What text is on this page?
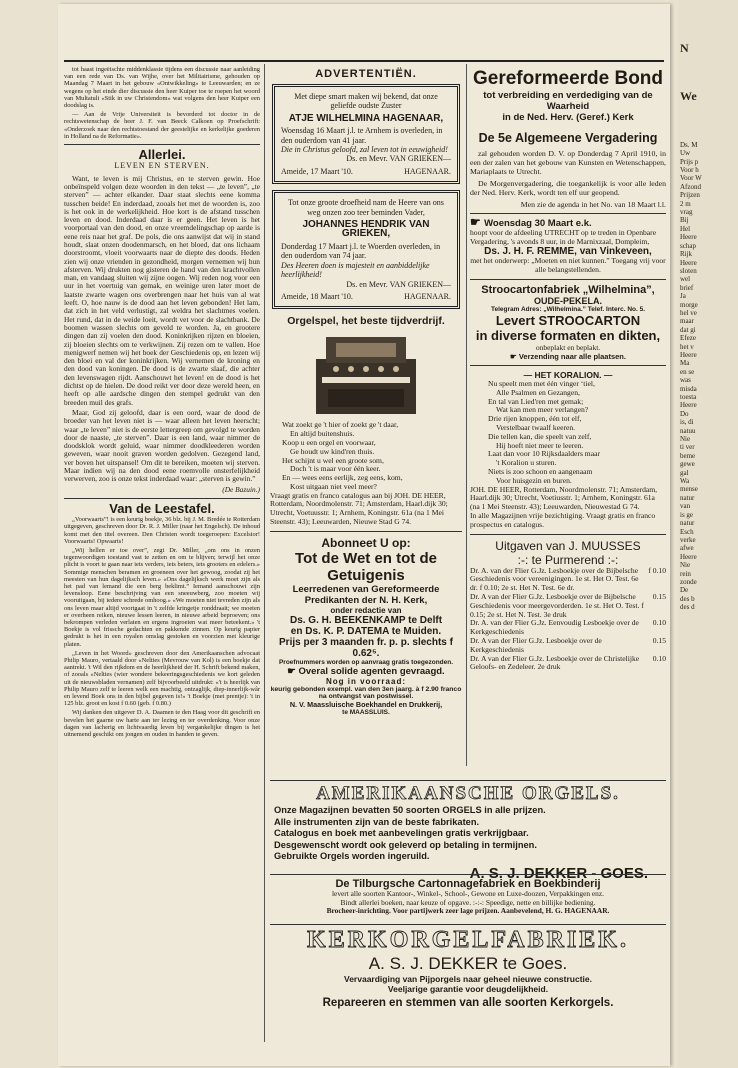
tot haast ingeëischte middenklassie tijdens een discussie naar aanleiding van een rede van Ds. van Wijhe, over het Militairisme, gehouden op Maandag 7 Maart in het gebouw «Ontwikkeling» te Leeuwarden; en ze wegens op het einde dier discussie den heer Kuiper toe te roepen het woord van Multatuli «Stik in uw Christendom» wat volgens den heer Kuiper een doodslag is.

— Aan de Vrije Universiteit is bevorderd tot doctor in de rechtswetenschap de heer J. F. van Beeck Calkoen op Proefschrift: «Onderzoek naar den rechtstoestand der geestelijke en kerkelijke goederen in Holland na de Reformatie».

Allerlei.
LEVEN EN STERVEN.

Want, te leven is mij Christus, en te sterven gewin. Hoe onbeïnspeld volgen deze woorden in den tekst — „te leven”, „te sterven” — achter elkander. Daar staat slechts eene komma tusschen beide! En inderdaad, zooals het met de woorden is, zoo is het ook in de werkelijkheid. Hoe kort is de afstand tusschen leven en dood. Inderdaad daar is er geen. Het leven is het voorportaal van den dood, en onze vreemdelingschap op aarde is eene reis naar het graf. De pols, die ons aanwijst dat wij in stand houdt, slaat onzen doodenmarsch, en het bloed, dat ons lichaam doorstroomt, vloeit voorwaarts naar de diepte des doods. Heden zien wij onze vrienden in gezondheid, morgen vernemen wij hun afsterven. Wij drukten nog gisteren de hand van den krachtvollen man, en vandaag sluiten wij zijne oogen. Wij reden nog voor een uur in het voertuig van gemak, en weinige uren later moet de laatste zwarte wagen ons overbrengen naar het huis van al wat leeft. O, hoe nauw is de dood aan het leven gebonden! Het lam, dat zich in het veld verlustigt, zal weldra het slachtmes voelen. Het rund, dat in de weide loeit, wordt vet voor de slachtbank. De boomen wassen slechts om geveld te worden. Ja, en grootere dingen dan zij voelen den dood. Koninkrijken rijzen en bloeien, zij bloeien slechts om te verkwijnen. Zij rezen om te vallen. Hoe menigwerf nemen wij het boek der Geschiedenis op, en lezen wij den bloei en val der koninkrijken. Wij vernemen de kroning en den dood van koningen. De dood is de zwarte slaaf, die achter den levenswagen rijdt. Aanschouwt het leven! en de dood is het dichtst op de hielen. De dood reikt ver door deze wereld heen, en heeft op alle aardsche dingen den stempel gedrukt van den breeden muil des grafs.

Maar, God zij geloofd, daar is een oord, waar de dood de broeder van het leven niet is — waar alleen het leven heerscht; waar „te leven” niet is de eerste lettergreep om gevolgd te worden door de naaste, „te sterven”. Daar is een land, waar nimmer de doodsklok wordt geluid, waar nimmer doodkleederen worden geweven, waar nooit graven worden gedolven. Gezegend land, ver boven het uitspansel! Om dit te bereiken, moeten wij sterven. Maar indien wij na den dood eene roemvolle onsterfelijkheid verwerven, zoo is onze tekst inderdaad waar: „sterven is gewin.”

(De Bazuin.)
Van de Leestafel.

„Voorwaarts”! is een keurig boekje, 36 blz. bij J. M. Bredée te Rotterdam uitgegeven, geschreven door Dr. R. J. Miller (naar het Engelsch). De inhoud komt met den titel overeen. Den Christen wordt toegeroepen: Excelsior! Voorwaarts! Opwaarts!

„Wij hellen er toe over”, zegt Dr. Miller, „om ons in onzen tegenwoordigen toestand vast te zetten en om te blijven; terwijl het onze plicht is voort te gaan naar iets verders, iets beters, iets grooters en edelers.» Sommige menschen beramen en groeneen over het gewoog, zoodat zij het meesten van hun dagelijksch leven.» «Ons dagelijksch werk moet zijn als het pad van lemand die een berg beklimt.” Iemand aanschouwt zijn levensloop. Eene beschrijving van een sneeuwberg, zoo moeten wij vooruitgaan, bij iedere schrede omhoog.» «We moeten niet tevreden zijn als ons leven maar altijd voortgaat in 't zelfde kringetje ronddraait; we moeten er overheen reiken, nieuwe lessen leeren, in nieuwe arbeid beproeven; ons bekrompen verleden verlaten en ergens ingroeien wat meer beteekent.» 't Boekje is vol frissche gedachten en pakkende zinnen. Op keurig papier gedrukt is het in een royalen omslag gestoken en voorzien met kleurige platen.

„Leven in het Woord» geschreven door den Amerikaanschen advocaat Philip Mauro, vertaald door «Nelties (Mevrouw van Kol) is een boekje dat aantrekt. 't Wil den rijkdom en de heerlijkheid der H. Schrift bekend maken, of zooals «Nelties (wier wondere bekeeringsgeschiedenis we kort geleden uit de nieuwsbladen vernamen) zelf bijvoorbeeld uitdrukt: «'t is heerlijk van Philip Mauro zelf te leeren welk een machtig, ontzaglijk, diep-innerlijk-wâr en levend Boek ons in den bijbel gegeven is!» 't Boekje (met prentje): 't in 125 blz. groot en kost f 0.60 (geb. f 0.80.)

Wij danken den uitgever D. A. Daamen te den Haag voor dit geschrift en bevelen het gaarne uw harte aan ter lezing en ter overdenking. Voor onze dagen van lacherig en lichtvaardig leven bij vergankelijke dingen is het uitnemend geschikt om jongen en ouden in handen te geven.

ADVERTENTIËN.
Met diepe smart maken wij bekend, dat onze geliefde oudste Zuster
ATJE WILHELMINA HAGENAAR,
Woensdag 16 Maart j.l. te Arnhem is overleden, in den ouderdom van 41 jaar.
Die in Christus geloofd, zal leven tot in eeuwigheid!
Ds. en Mevr. VAN GRIEKEN—
Ameide, 17 Maart '10.	HAGENAAR.
Tot onze groote droefheid nam de Heere van ons weg onzen zoo teer beminden Vader,
JOHANNES HENDRIK VAN GRIEKEN,
Donderdag 17 Maart j.l. te Woerden overleden, in den ouderdom van 74 jaar.
Des Heeren doen is majesteit en aanbiddelijke heerlijkheid!
Ds. en Mevr. VAN GRIEKEN—
Ameide, 18 Maart '10.	HAGENAAR.
Orgelspel, het beste tijdverdrijf.
Wat zoekt ge 't hier of zoekt ge 't daar,
En altijd buitenshuis.
Koop u een orgel en voorwaar,
Ge houdt uw kind'ren thuis.
Het schijnt u wel een groote som,
Doch 't is maar voor één keer.
En — wees eens eerlijk, zeg eens, kom,
Kost uitgaan niet veel meer?
Vraagt gratis en franco catalogus aan bij JOH. DE HEER, Rotterdam, Noordmolenstr. 71; Amsterdam, Haarl.dijk 30; Utrecht, Voetuusstr. 1; Arnhem, Koningstr. 61a (na 1 Mei Steenstr. 43); Leeuwarden, Nieuwe Stad G 74.
Abonneet U op:
Tot de Wet en tot de Getuigenis
Leerredenen van Gereformeerde Predikanten der N. H. Kerk,
onder redactie van
Ds. G. H. BEEKENKAMP te Delft
en Ds. K. P. DATEMA te Muiden.
Prijs per 3 maanden fr. p. p. slechts f 0.62⁵.
Proefnummers worden op aanvraag gratis toegezonden.
☛ Overal solide agenten gevraagd.
Nog in voorraad:
keurig gebonden exempl. van den 3en jaarg. à f 2.90 franco na ontvangst van postwissel.
N. V. Maassluische Boekhandel en Drukkerij,
te MAASSLUIS.
Gereformeerde Bond
tot verbreiding en verdediging van de Waarheid
in de Ned. Herv. (Geref.) Kerk
De 5e Algemeene Vergadering

zal gehouden worden D. V. op Donderdag 7 April 1910, in een der zalen van het gebouw van Kunsten en Wetenschappen, Mariaplaats te Utrecht.

De Morgenvergadering, die toegankelijk is voor alle leden der Ned. Herv. Kerk, wordt ten elf uur geopend.

Men zie de agenda in het No. van 18 Maart l.l.

☛ Woensdag 30 Maart e.k.
hoopt voor de afdeeling UTRECHT op te treden in Openbare Vergadering, 's avonds 8 uur, in de Marnixzaal, Dompleim,
Ds. J. H. F. REMME, van Vinkeveen,
met het onderwerp: „Moeten en niet kunnen.” Toegang vrij voor alle belangstellenden.
Stroocartonfabriek „Wilhelmina”,
OUDE-PEKELA.
Telegram Adres: „Wilhelmina.” Telef. Interc. No. 5.
Levert STROOCARTON
in diverse formaten en dikten,
onbeplakt en beplakt.
☛ Verzending naar alle plaatsen.
— HET KORALION. —
Nu speelt men met één vinger ‘tiel,
Alle Psalmen en Gezangen,
En tal van Lied'ren met gemak;
Wat kan men meer verlangen?
Drie rijen knoppen, één tot elf,
Verstelbaar twaalf keeren.
Die tellen kan, die speelt van zelf,
Hij hoeft niet meer te leeren.
Laat dan voor 10 Rijksdaalders maar
't Koralion u sturen.
Niets is zoo schoon en aangenaam
Voor huisgezin en buren.
JOH. DE HEER, Rotterdam, Noordmolenstr. 71; Amsterdam, Haarl.dijk 30; Utrecht, Voetiusstr. 1; Arnhem, Koningstr. 61a (na 1 Mei Steenstr. 43); Leeuwarden, Nieuwestad G 74.
In alle Magazijnen vrije bezichtiging. Vraagt gratis en franco prospectus en catalogus.
Uitgaven van J. MUUSSES
:-: te Purmerend :-:
Dr. A. van der Flier G.Jz. Lesboekje over de Bijbelsche Geschiedenis voor vereenigingen. 1e st. Het O. Test. 6e dr. f 0.10; 2e st. Het N. Test. 6e dr.
f 0.10
Dr. A van der Flier G.Jz. Lesboekje over de Bijbelsche Geschiedenis voor meergevorderden. 1e st. Het O. Test. f 0.15; 2e st. Het N. Test. 3e druk
0.15
Dr. A. van der Flier G.Jz. Eenvoudig Lesboekje over de Kerkgeschiedenis
0.10
Dr. A van der Flier G.Jz. Lesboekje over de Kerkgeschiedenis
0.15
Dr. A van der Flier G.Jz. Lesboekje over de Christelijke Geloofs- en Zedeleer. 2e druk
0.10
AMERIKAANSCHE ORGELS.
Onze Magazijnen bevatten 50 soorten ORGELS in alle prijzen.
Alle instrumenten zijn van de beste fabrikaten.
Catalogus en boek met aanbevelingen gratis verkrijgbaar.
Desgewenscht wordt ook geleverd op betaling in termijnen.
Gebruikte Orgels worden ingeruild.
A. S. J. DEKKER - GOES.
De Tilburgsche Cartonnagefabriek en Boekbinderij
levert alle soorten Kantoor-, Winkel-, School-, Gewone en Luxe-doozen, Verpakkingen enz.
Bindt allerlei boeken, naar keuze of opgave. :-:-: Speedige, nette en billijke bediening.
Brocheer-inrichting. Voor partijwerk zeer lage prijzen. Aanbevelend, H. G. HAGENAAR.
KERKORGELFABRIEK.
A. S. J. DEKKER te Goes.
Vervaardiging van Pijporgels naar geheel nieuwe constructie.
Veeljarige garantie voor deugdelijkheid.
Repareeren en stemmen van alle soorten Kerkorgels.
N
We
Ds. M
Uw
Prijs p
Voor h
Voor W
Afzond
Prijzen
2 m
vrag
Bij
Hel
Heere
schap
Rijk
Heere
sloten
wel
brief
Ja
morge
hel ve
maar
dat gi
Efeze
het v
Heere
Ma
en se
was
misda
toesta
Heere
Do
is, di
natuu
Nie
ti ver
beme
gewe
gal
Wa
mense
natur
van
is ge
natur
Esch
verke
afwe
Heere
Nie
rein
zonde
De
des b
des d
